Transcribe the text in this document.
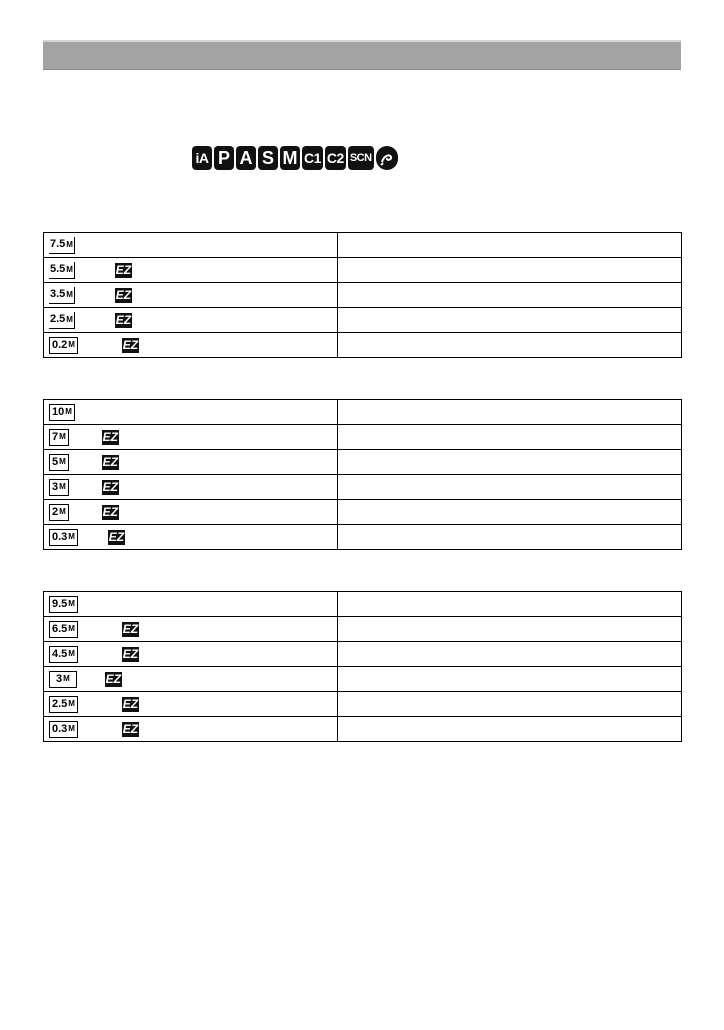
iA P A S M C1 C2 SCN
7.5 M	

5.5 M EZ	

3.5 M EZ	

2.5 M EZ	

0.2 M EZ	

10 M	

7 M EZ	

5 M EZ	

3 M EZ	

2 M EZ	

0.3 M EZ	

9.5 M	

6.5 M EZ	

4.5 M EZ	

3 M EZ	

2.5 M EZ	

0.3 M EZ	
